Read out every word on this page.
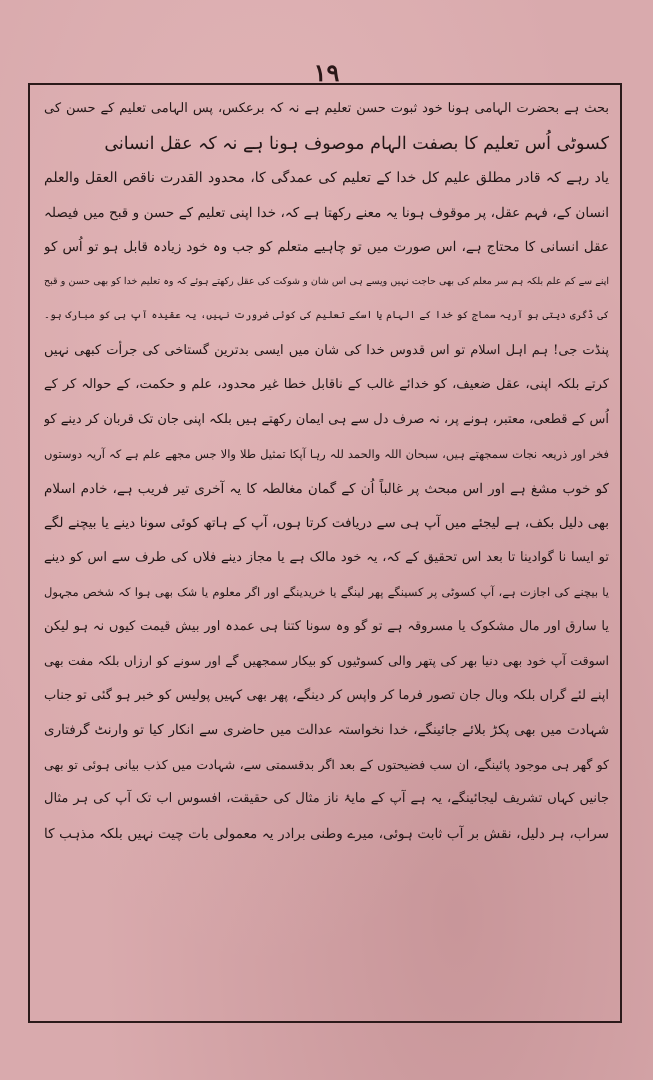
١٩
بحث ہے بحضرت الہامی ہونا خود ثبوت حسن تعلیم ہے نہ کہ برعکس، پس الہامی تعلیم کے حسن کی
کسوٹی اُس تعلیم کا بصفت الہام موصوف ہونا ہے نہ کہ عقل انسانی
یاد رہے کہ قادر مطلق علیم کل خدا کے تعلیم کی عمدگی کا، محدود القدرت ناقص العقل والعلم
انسان کے، فہم عقل، پر موقوف ہونا یہ معنے رکھتا ہے کہ، خدا اپنی تعلیم کے حسن و قبح میں فیصلہ
عقل انسانی کا محتاج ہے، اس صورت میں تو چاہیے متعلم کو جب وہ خود زیادہ قابل ہو تو اُس کو
اپنے سے کم علم بلکہ ہم سر معلم کی بھی حاجت نہیں ویسے ہی اس شان و شوکت کی عقل رکھتے ہوئے کہ وہ تعلیم خدا کو بھی حسن و قبح
کی ڈگری دیتی ہو آریہ سماج کو خدا کے الہام یا اسکے تعلیم کی کوئی ضرورت نہیں، یہ عقیدہ آپ ہی کو مبارک ہو۔
پنڈت جی! ہم اہل اسلام تو اس قدوس خدا کی شان میں ایسی بدترین گستاخی کی جرأت کبھی نہیں
کرتے بلکہ اپنی، عقل ضعیف، کو خدائے غالب کے ناقابل خطا غیر محدود، علم و حکمت، کے حوالہ کر کے
اُس کے قطعی، معتبر، ہونے پر، نہ صرف دل سے ہی ایمان رکھتے ہیں بلکہ اپنی جان تک قربان کر دینے کو
فخر اور ذریعہ نجات سمجھتے ہیں، سبحان اللہ والحمد للہ رہا آپکا تمثیل طلا والا جس مجھے علم ہے کہ آریہ دوستوں
کو خوب مشغ ہے اور اس مبحث پر غالباً اُن کے گمان مغالطہ کا یہ آخری تیر فریب ہے، خادم اسلام
بھی دلیل بکف، ہے لیجئے میں آپ ہی سے دریافت کرتا ہوں، آپ کے ہاتھ کوئی سونا دینے یا بیچنے لگے
تو ایسا نا گوادینا تا بعد اس تحقیق کے کہ، یہ خود مالک ہے یا مجاز دینے فلاں کی طرف سے اس کو دینے
یا بیچنے کی اجازت ہے، آپ کسوٹی پر کسینگے پھر لینگے یا خریدینگے اور اگر معلوم یا شک بھی ہوا کہ شخص مجہول
یا سارق اور مال مشکوک یا مسروقہ ہے تو گو وہ سونا کتنا ہی عمدہ اور بیش قیمت کیوں نہ ہو لیکن
اسوقت آپ خود بھی دنیا بھر کی پتھر والی کسوٹیوں کو بیکار سمجھیں گے اور سونے کو ارزاں بلکہ مفت بھی
اپنے لئے گراں بلکہ وبال جان تصور فرما کر واپس کر دینگے، پھر بھی کہیں پولیس کو خبر ہو گئی تو جناب
شہادت میں بھی پکڑ بلائے جائینگے، خدا نخواستہ عدالت میں حاضری سے انکار کیا تو وارنٹ گرفتاری
کو گھر ہی موجود پائینگے، ان سب فضیحتوں کے بعد اگر بدقسمتی سے، شہادت میں کذب بیانی ہوئی تو بھی
جانیں کہاں تشریف لیجائینگے، یہ ہے آپ کے مایۂ ناز مثال کی حقیقت، افسوس اب تک آپ کی ہر مثال
سراب، ہر دلیل، نقش بر آب ثابت ہوئی، میرے وطنی برادر یہ معمولی بات چیت نہیں بلکہ مذہب کا
